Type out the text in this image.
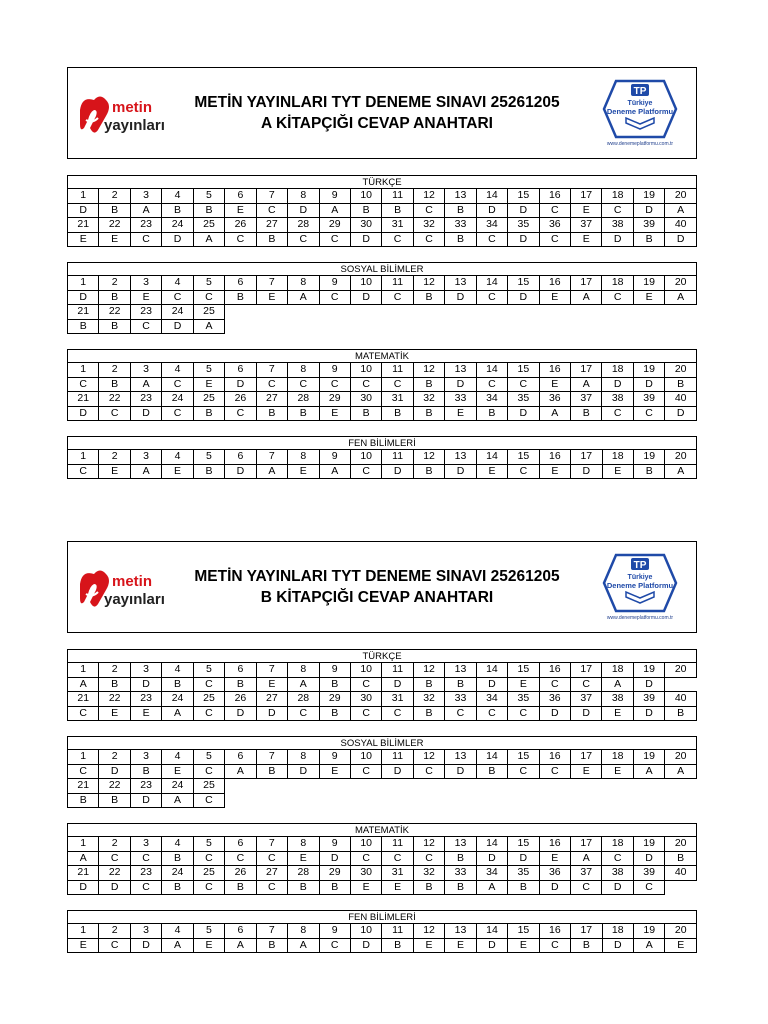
metin
yayınları
METİN YAYINLARI TYT DENEME SINAVI 25261205
A KİTAPÇIĞI CEVAP ANAHTARI
TP
Türkiye
Deneme Platformu
www.denemeplatformu.com.tr
TÜRKÇE
1	2	3	4	5	6	7	8	9	10	11	12	13	14	15	16	17	18	19	20
D	B	A	B	B	E	C	D	A	B	B	C	B	D	D	C	E	C	D	A
21	22	23	24	25	26	27	28	29	30	31	32	33	34	35	36	37	38	39	40
E	E	C	D	A	C	B	C	C	D	C	C	B	C	D	C	E	D	B	D
SOSYAL BİLİMLER
1	2	3	4	5	6	7	8	9	10	11	12	13	14	15	16	17	18	19	20
D	B	E	C	C	B	E	A	C	D	C	B	D	C	D	E	A	C	E	A
21	22	23	24	25															
B	B	C	D	A															
MATEMATİK
1	2	3	4	5	6	7	8	9	10	11	12	13	14	15	16	17	18	19	20
C	B	A	C	E	D	C	C	C	C	C	B	D	C	C	E	A	D	D	B
21	22	23	24	25	26	27	28	29	30	31	32	33	34	35	36	37	38	39	40
D	C	D	C	B	C	B	B	E	B	B	B	E	B	D	A	B	C	C	D
FEN BİLİMLERİ
1	2	3	4	5	6	7	8	9	10	11	12	13	14	15	16	17	18	19	20
C	E	A	E	B	D	A	E	A	C	D	B	D	E	C	E	D	E	B	A
metin
yayınları
METİN YAYINLARI TYT DENEME SINAVI 25261205
B KİTAPÇIĞI CEVAP ANAHTARI
TP
Türkiye
Deneme Platformu
www.denemeplatformu.com.tr
TÜRKÇE
1	2	3	4	5	6	7	8	9	10	11	12	13	14	15	16	17	18	19	20
A	B	D	B	C	B	E	A	B	C	D	B	B	D	E	C	C	A	D	
21	22	23	24	25	26	27	28	29	30	31	32	33	34	35	36	37	38	39	40
C	E	E	A	C	D	D	C	B	C	C	B	C	C	C	D	D	E	D	B
SOSYAL BİLİMLER
1	2	3	4	5	6	7	8	9	10	11	12	13	14	15	16	17	18	19	20
C	D	B	E	C	A	B	D	E	C	D	C	D	B	C	C	E	E	A	A
21	22	23	24	25															
B	B	D	A	C															
MATEMATİK
1	2	3	4	5	6	7	8	9	10	11	12	13	14	15	16	17	18	19	20
A	C	C	B	C	C	C	E	D	C	C	C	B	D	D	E	A	C	D	B
21	22	23	24	25	26	27	28	29	30	31	32	33	34	35	36	37	38	39	40
D	D	C	B	C	B	C	B	B	E	E	B	B	A	B	D	C	D	C	
FEN BİLİMLERİ
1	2	3	4	5	6	7	8	9	10	11	12	13	14	15	16	17	18	19	20
E	C	D	A	E	A	B	A	C	D	B	E	E	D	E	C	B	D	A	E
